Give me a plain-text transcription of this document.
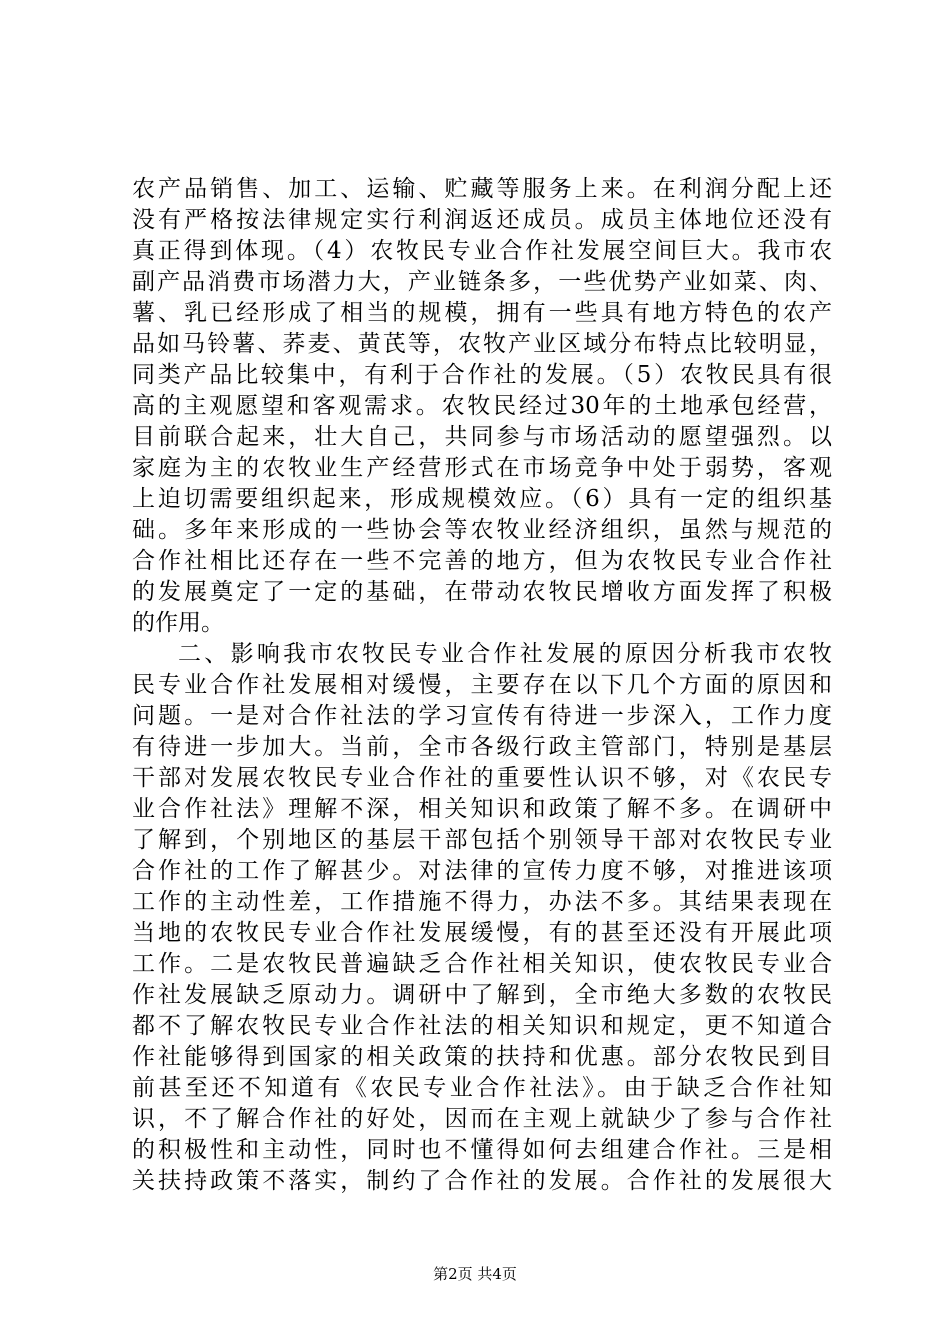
农产品销售、加工、运输、贮藏等服务上来。在利润分配上还
没有严格按法律规定实行利润返还成员。成员主体地位还没有
真正得到体现。（4）农牧民专业合作社发展空间巨大。我市农
副产品消费市场潜力大，产业链条多，一些优势产业如菜、肉、
薯、乳已经形成了相当的规模，拥有一些具有地方特色的农产
品如马铃薯、荞麦、黄芪等，农牧产业区域分布特点比较明显，
同类产品比较集中，有利于合作社的发展。（5）农牧民具有很
高的主观愿望和客观需求。农牧民经过30年的土地承包经营，
目前联合起来，壮大自己，共同参与市场活动的愿望强烈。以
家庭为主的农牧业生产经营形式在市场竞争中处于弱势，客观
上迫切需要组织起来，形成规模效应。（6）具有一定的组织基
础。多年来形成的一些协会等农牧业经济组织，虽然与规范的
合作社相比还存在一些不完善的地方，但为农牧民专业合作社
的发展奠定了一定的基础，在带动农牧民增收方面发挥了积极
的作用。
二、影响我市农牧民专业合作社发展的原因分析我市农牧
民专业合作社发展相对缓慢，主要存在以下几个方面的原因和
问题。一是对合作社法的学习宣传有待进一步深入，工作力度
有待进一步加大。当前，全市各级行政主管部门，特别是基层
干部对发展农牧民专业合作社的重要性认识不够，对《农民专
业合作社法》理解不深，相关知识和政策了解不多。在调研中
了解到，个别地区的基层干部包括个别领导干部对农牧民专业
合作社的工作了解甚少。对法律的宣传力度不够，对推进该项
工作的主动性差，工作措施不得力，办法不多。其结果表现在
当地的农牧民专业合作社发展缓慢，有的甚至还没有开展此项
工作。二是农牧民普遍缺乏合作社相关知识，使农牧民专业合
作社发展缺乏原动力。调研中了解到，全市绝大多数的农牧民
都不了解农牧民专业合作社法的相关知识和规定，更不知道合
作社能够得到国家的相关政策的扶持和优惠。部分农牧民到目
前甚至还不知道有《农民专业合作社法》。由于缺乏合作社知
识，不了解合作社的好处，因而在主观上就缺少了参与合作社
的积极性和主动性，同时也不懂得如何去组建合作社。三是相
关扶持政策不落实，制约了合作社的发展。合作社的发展很大
第2页 共4页
